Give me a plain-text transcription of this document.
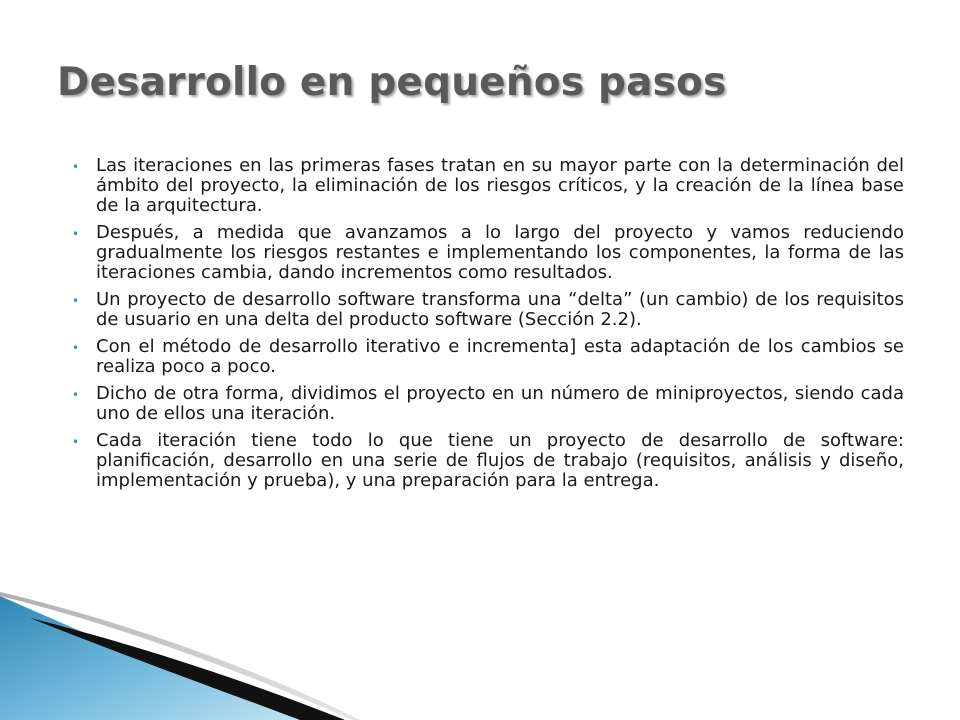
Desarrollo en pequeños pasos
• Las iteraciones en las primeras fases tratan en su mayor parte con la determinación del ámbito del proyecto, la eliminación de los riesgos críticos, y la creación de la línea base de la arquitectura.
• Después, a medida que avanzamos a lo largo del proyecto y vamos reduciendo gradualmente los riesgos restantes e implementando los componentes, la forma de las iteraciones cambia, dando incrementos como resultados.
• Un proyecto de desarrollo software transforma una “delta” (un cambio) de los requisitos de usuario en una delta del producto software (Sección 2.2).
• Con el método de desarrollo iterativo e incrementa] esta adaptación de los cambios se realiza poco a poco.
• Dicho de otra forma, dividimos el proyecto en un número de miniproyectos, siendo cada uno de ellos una iteración.
• Cada iteración tiene todo lo que tiene un proyecto de desarrollo de software: planificación, desarrollo en una serie de flujos de trabajo (requisitos, análisis y diseño, implementación y prueba), y una preparación para la entrega.
